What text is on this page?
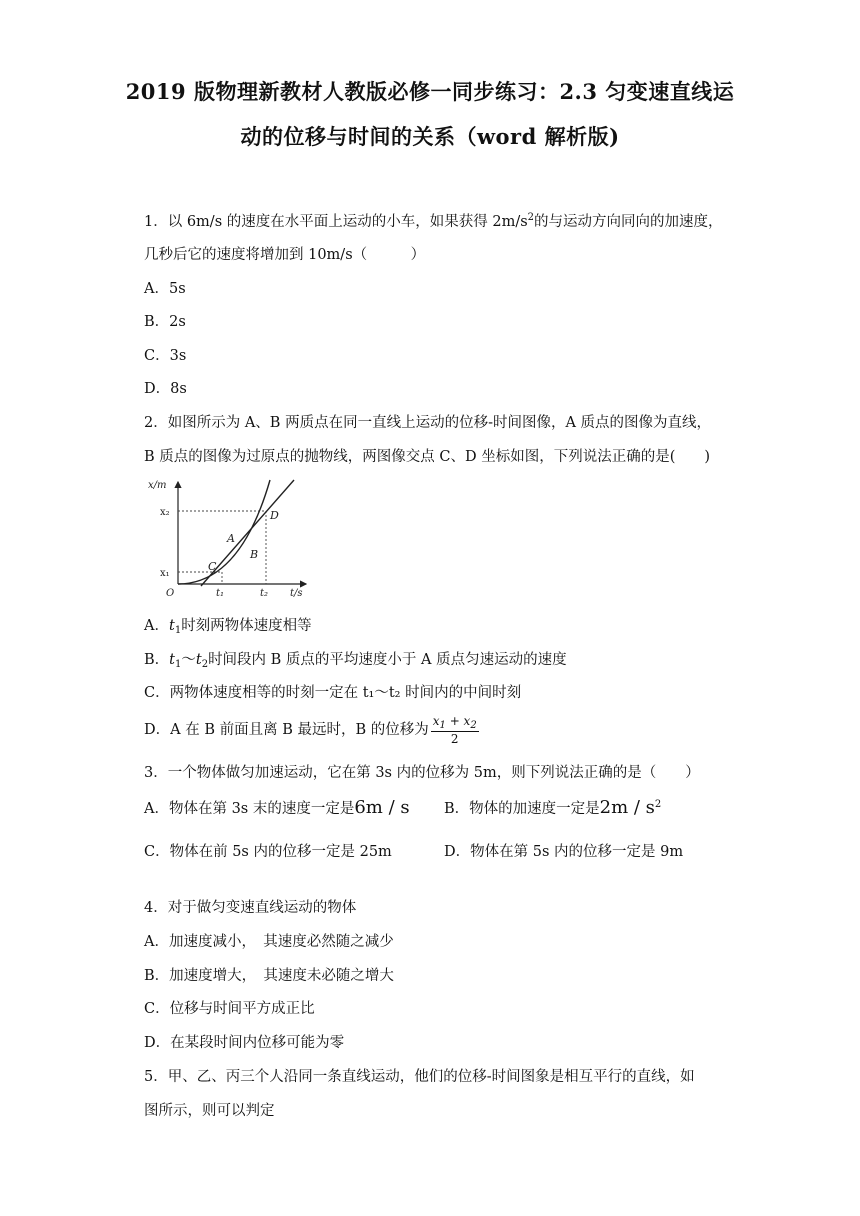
2019 版物理新教材人教版必修一同步练习：2.3 匀变速直线运
动的位移与时间的关系（word 解析版)
1．以 6m/s 的速度在水平面上运动的小车，如果获得 $2m/s^2$的与运动方向同向的加速度，
几秒后它的速度将增加到 10m/s（　　　）
A．5s
B．2s
C．3s
D．8s
2．如图所示为 A、B 两质点在同一直线上运动的位移-时间图像，A 质点的图像为直线，
B 质点的图像为过原点的抛物线，两图像交点 C、D 坐标如图，下列说法正确的是(　　)
x/m
x₂
x₁
O	t₁	t₂ t/s
A
B
C
D
A．$t_1$时刻两物体速度相等
B．$t_1\sim t_2$时间段内 B 质点的平均速度小于 A 质点匀速运动的速度
C．两物体速度相等的时刻一定在 t₁～t₂ 时间内的中间时刻
D．A 在 B 前面且离 B 最远时，B 的位移为 $\frac{x_1 + x_2}{2}$
3．一个物体做匀加速运动，它在第 3s 内的位移为 5m，则下列说法正确的是（　　）
A．物体在第 3s 末的速度一定是6m / s B．物体的加速度一定是$2m / s^2$
C．物体在前 5s 内的位移一定是 25m	D．物体在第 5s 内的位移一定是 9m
4．对于做匀变速直线运动的物体
A．加速度减小，　其速度必然随之减少
B．加速度增大，　其速度未必随之增大
C．位移与时间平方成正比
D．在某段时间内位移可能为零
5．甲、乙、丙三个人沿同一条直线运动，他们的位移-时间图象是相互平行的直线，如
图所示，则可以判定
